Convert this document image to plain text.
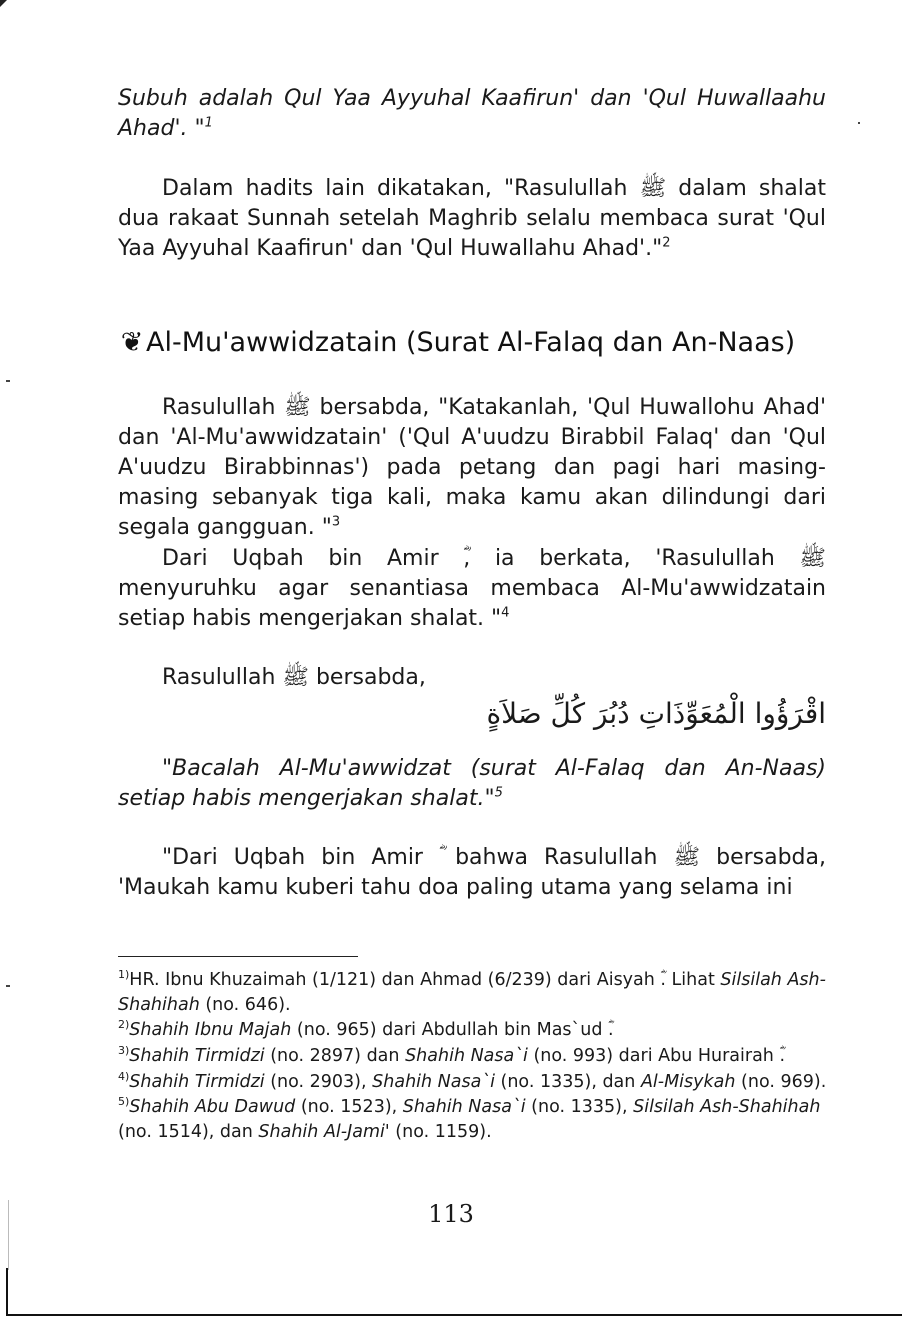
Subuh adalah Qul Yaa Ayyuhal Kaafirun' dan 'Qul Huwallaahu Ahad'. "$^1$
Dalam hadits lain dikatakan, "Rasulullah ﷺ dalam shalat dua rakaat Sunnah setelah Maghrib selalu membaca surat 'Qul Yaa Ayyuhal Kaafirun' dan 'Qul Huwallahu Ahad'."$^2$
❦Al-Mu'awwidzatain (Surat Al-Falaq dan An-Naas)
Rasulullah ﷺ bersabda, "Katakanlah, 'Qul Huwallohu Ahad' dan 'Al-Mu'awwidzatain' ('Qul A'uudzu Birabbil Falaq' dan 'Qul A'uudzu Birabbinnas') pada petang dan pagi hari masing-masing sebanyak tiga kali, maka kamu akan dilindungi dari segala gangguan. "$^3$
Dari Uqbah bin Amir ؓ, ia berkata, 'Rasulullah ﷺ menyuruhku agar senantiasa membaca Al-Mu'awwidzatain setiap habis mengerjakan shalat. "$^4$
Rasulullah ﷺ bersabda,
اقْرَؤُوا الْمُعَوِّذَاتِ دُبُرَ كُلِّ صَلاَةٍ
"Bacalah Al-Mu'awwidzat (surat Al-Falaq dan An-Naas) setiap habis mengerjakan shalat."$^5$
"Dari Uqbah bin Amir ؓ bahwa Rasulullah ﷺ bersabda, 'Maukah kamu kuberi tahu doa paling utama yang selama ini
$^{1)}$HR. Ibnu Khuzaimah (1/121) dan Ahmad (6/239) dari Aisyah ؓ. Lihat Silsilah Ash-Shahihah (no. 646).
$^{2)}$Shahih Ibnu Majah (no. 965) dari Abdullah bin Mas`ud ؓ.
$^{3)}$Shahih Tirmidzi (no. 2897) dan Shahih Nasa`i (no. 993) dari Abu Hurairah ؓ.
$^{4)}$Shahih Tirmidzi (no. 2903), Shahih Nasa`i (no. 1335), dan Al-Misykah (no. 969).
$^{5)}$Shahih Abu Dawud (no. 1523), Shahih Nasa`i (no. 1335), Silsilah Ash-Shahihah (no. 1514), dan Shahih Al-Jami' (no. 1159).
113
